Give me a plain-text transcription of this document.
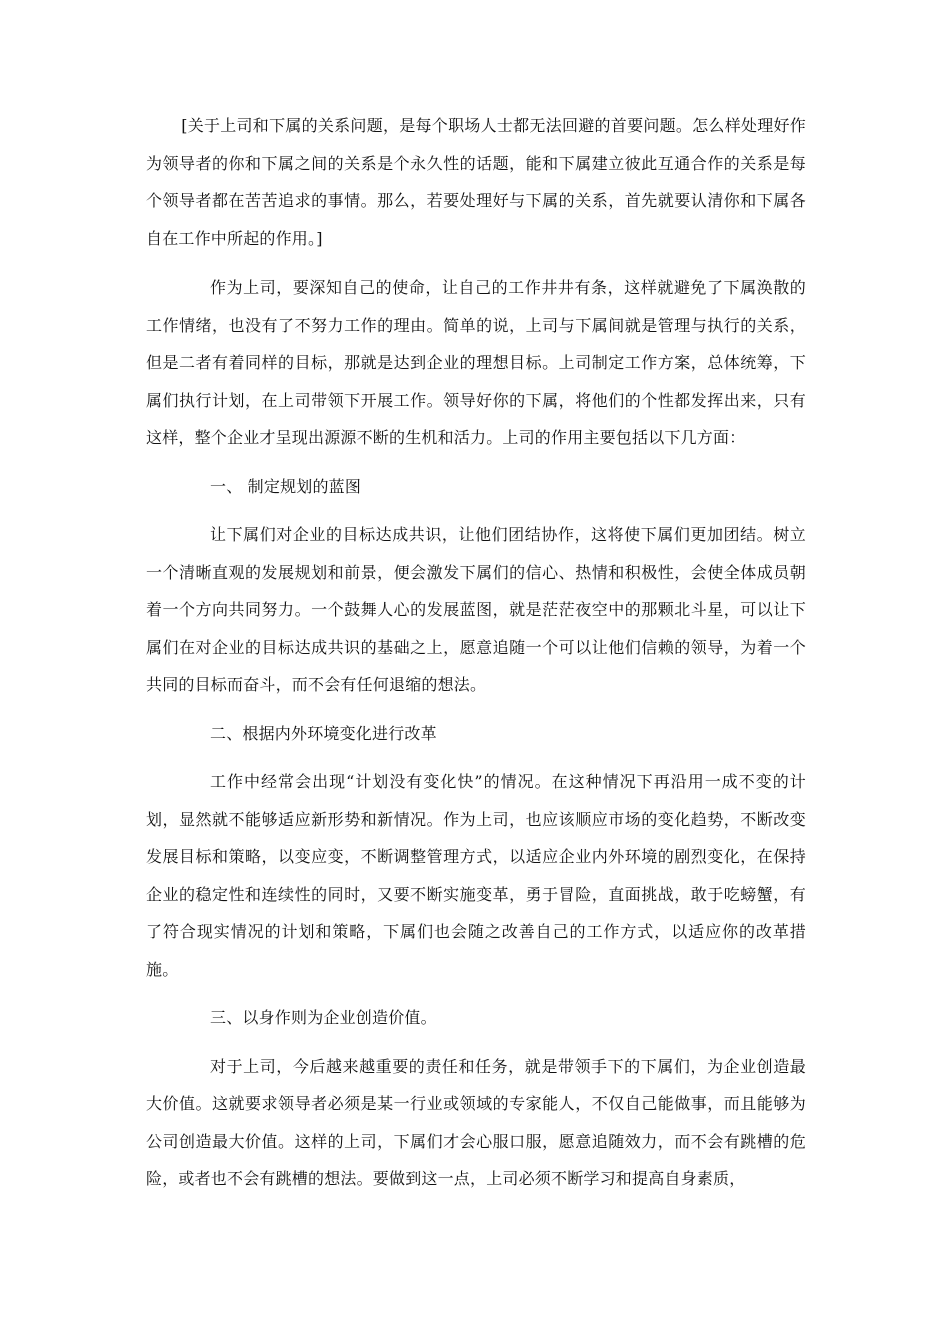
[关于上司和下属的关系问题，是每个职场人士都无法回避的首要问题。怎么样处理好作为领导者的你和下属之间的关系是个永久性的话题，能和下属建立彼此互通合作的关系是每个领导者都在苦苦追求的事情。那么，若要处理好与下属的关系，首先就要认清你和下属各自在工作中所起的作用。]

作为上司，要深知自己的使命，让自己的工作井井有条，这样就避免了下属涣散的工作情绪，也没有了不努力工作的理由。简单的说，上司与下属间就是管理与执行的关系，但是二者有着同样的目标，那就是达到企业的理想目标。上司制定工作方案，总体统筹，下属们执行计划，在上司带领下开展工作。领导好你的下属，将他们的个性都发挥出来，只有这样，整个企业才呈现出源源不断的生机和活力。上司的作用主要包括以下几方面：

一、 制定规划的蓝图

让下属们对企业的目标达成共识，让他们团结协作，这将使下属们更加团结。树立一个清晰直观的发展规划和前景，便会激发下属们的信心、热情和积极性，会使全体成员朝着一个方向共同努力。一个鼓舞人心的发展蓝图，就是茫茫夜空中的那颗北斗星，可以让下属们在对企业的目标达成共识的基础之上，愿意追随一个可以让他们信赖的领导，为着一个共同的目标而奋斗，而不会有任何退缩的想法。

二、根据内外环境变化进行改革

工作中经常会出现“计划没有变化快”的情况。在这种情况下再沿用一成不变的计划，显然就不能够适应新形势和新情况。作为上司，也应该顺应市场的变化趋势，不断改变发展目标和策略，以变应变，不断调整管理方式，以适应企业内外环境的剧烈变化，在保持企业的稳定性和连续性的同时，又要不断实施变革，勇于冒险，直面挑战，敢于吃螃蟹，有了符合现实情况的计划和策略，下属们也会随之改善自己的工作方式，以适应你的改革措施。

三、以身作则为企业创造价值。

对于上司，今后越来越重要的责任和任务，就是带领手下的下属们，为企业创造最大价值。这就要求领导者必须是某一行业或领域的专家能人，不仅自己能做事，而且能够为公司创造最大价值。这样的上司，下属们才会心服口服，愿意追随效力，而不会有跳槽的危险，或者也不会有跳槽的想法。要做到这一点，上司必须不断学习和提高自身素质，
